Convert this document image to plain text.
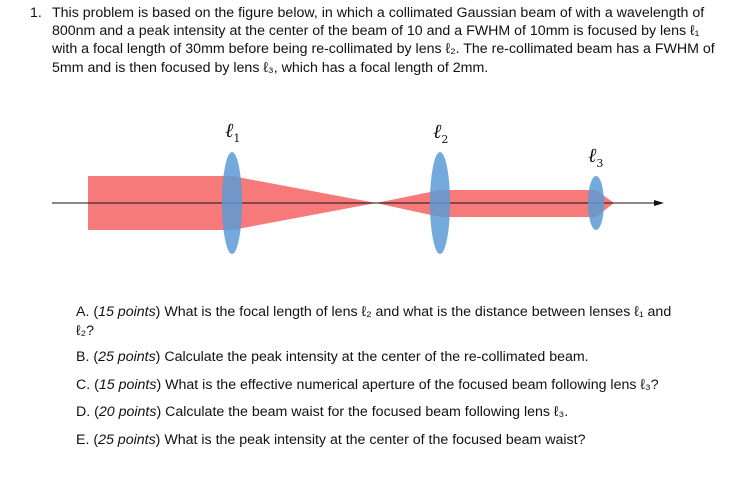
1. This problem is based on the figure below, in which a collimated Gaussian beam of with a wavelength of 800nm and a peak intensity at the center of the beam of 10 and a FWHM of 10mm is focused by lens ℓ₁ with a focal length of 30mm before being re-collimated by lens ℓ₂. The re-collimated beam has a FWHM of 5mm and is then focused by lens ℓ₃, which has a focal length of 2mm.
ℓ$_1$	ℓ$_2$
ℓ$_3$
A. (15 points) What is the focal length of lens ℓ₂ and what is the distance between lenses ℓ₁ and ℓ₂?
B. (25 points) Calculate the peak intensity at the center of the re-collimated beam.
C. (15 points) What is the effective numerical aperture of the focused beam following lens ℓ₃?
D. (20 points) Calculate the beam waist for the focused beam following lens ℓ₃.
E. (25 points) What is the peak intensity at the center of the focused beam waist?
